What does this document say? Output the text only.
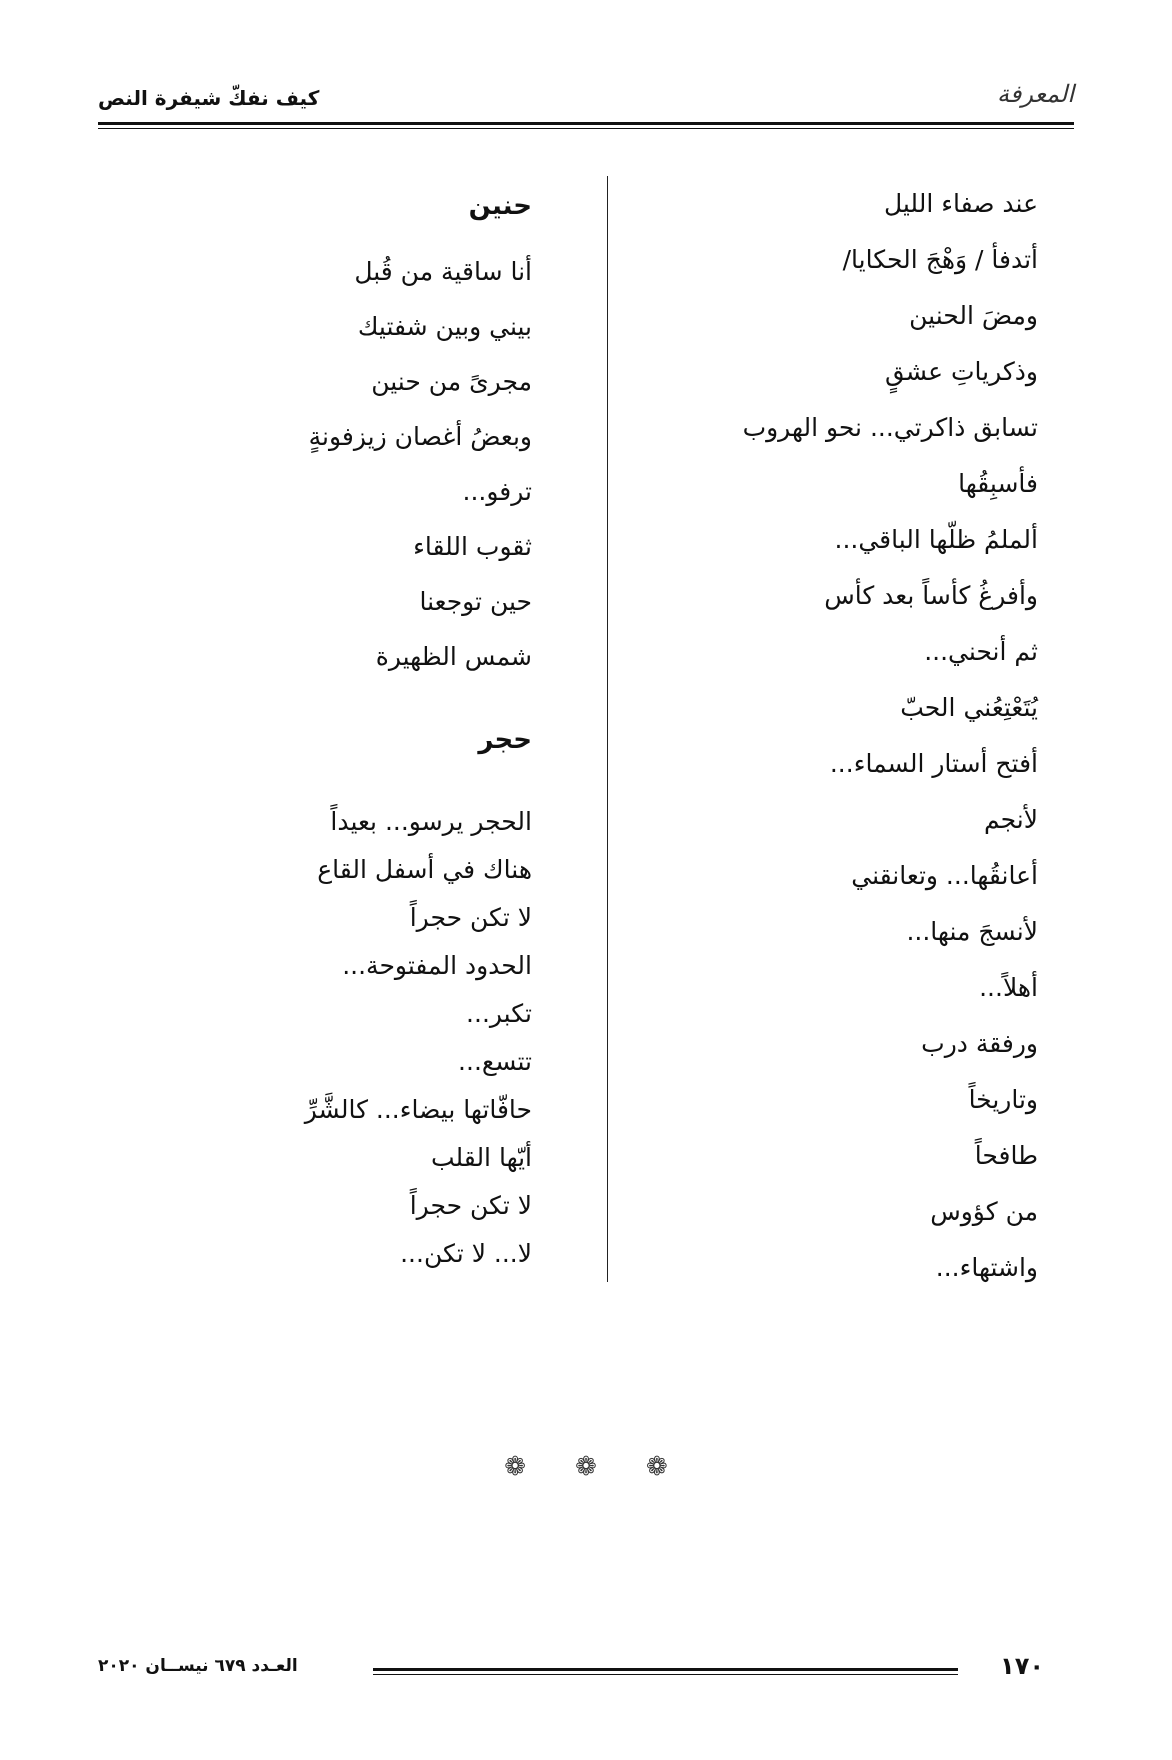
كيف نفكّ شيفرة النص	المعرفة
عند صفاء الليل
أتدفأ / وَهْجَ الحكايا/
ومضَ الحنين
وذكرياتِ عشقٍ
تسابق ذاكرتي... نحو الهروب
فأسبِقُها
ألملمُ ظلّها الباقي...
وأفرغُ كأساً بعد كأس
ثم أنحني...
يُتَعْتِعُني الحبّ
أفتح أستار السماء...
لأنجم
أعانقُها... وتعانقني
لأنسجَ منها...
أهلاً...
ورفقة درب
وتاريخاً
طافحاً
من كؤوس
واشتهاء...
حنين
أنا ساقية من قُبل
بيني وبين شفتيك
مجرىً من حنين
وبعضُ أغصان زيزفونةٍ
ترفو...
ثقوب اللقاء
حين توجعنا
شمس الظهيرة
حجر
الحجر يرسو... بعيداً
هناك في أسفل القاع
لا تكن حجراً
الحدود المفتوحة...
تكبر...
تتسع...
حافّاتها بيضاء... كالشَّرِّ
أيّها القلب
لا تكن حجراً
لا... لا تكن...
❁ ❁ ❁
العـدد ٦٧٩ نيســان ٢٠٢٠	١٧٠
